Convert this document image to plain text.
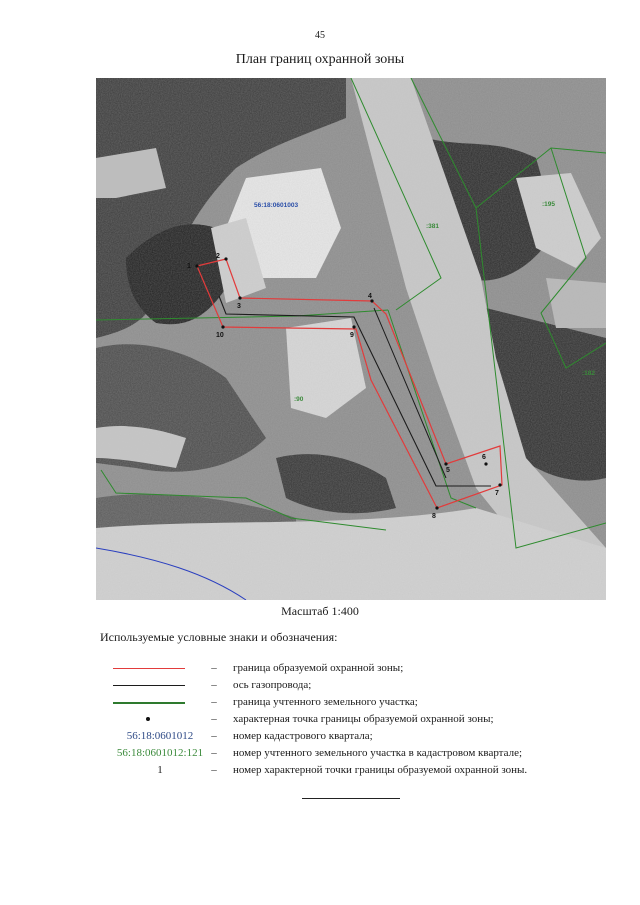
45
План границ охранной зоны
56:18:0601003
:381
:195
:182
:90
1
2
3
4
5
6
7
8
9
10
Масштаб 1:400
Используемые условные знаки и обозначения:
– граница образуемой охранной зоны;
– ось газопровода;
– граница учтенного земельного участка;
– характерная точка границы образуемой охранной зоны;
56:18:0601012	– номер кадастрового квартала;
56:18:0601012:121 – номер учтенного земельного участка в кадастровом квартале;
1	– номер характерной точки границы образуемой охранной зоны.
